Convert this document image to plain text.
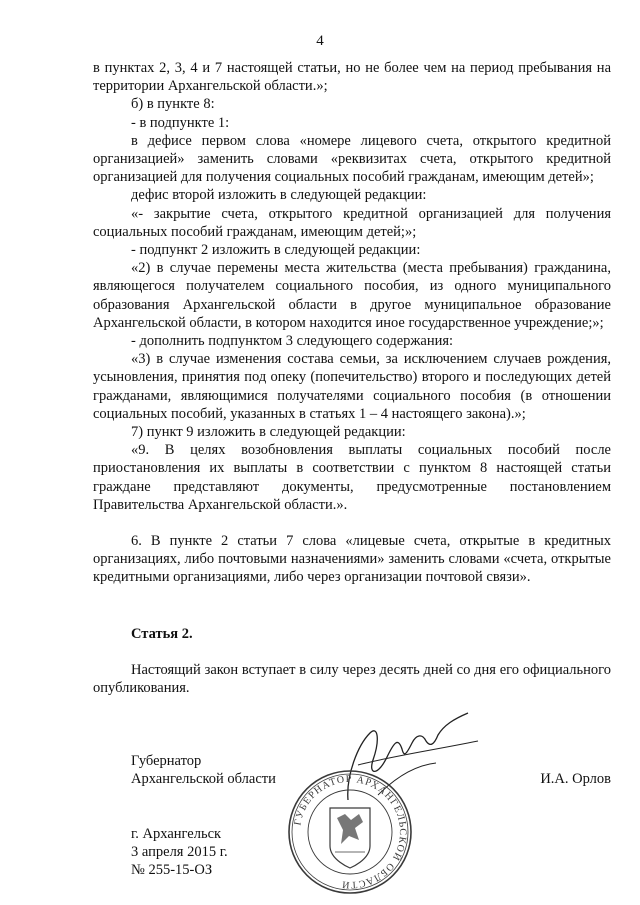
4

в пунктах 2, 3, 4 и 7 настоящей статьи, но не более чем на период пребывания на территории Архангельской области.»;

б) в пункте 8:

- в подпункте 1:

в дефисе первом слова «номере лицевого счета, открытого кредитной организацией» заменить словами «реквизитах счета, открытого кредитной организацией для получения социальных пособий гражданам, имеющим детей»;

дефис второй изложить в следующей редакции:

«- закрытие счета, открытого кредитной организацией для получения социальных пособий гражданам, имеющим детей;»;

- подпункт 2 изложить в следующей редакции:

«2) в случае перемены места жительства (места пребывания) гражданина, являющегося получателем социального пособия, из одного муниципального образования Архангельской области в другое муниципальное образование Архангельской области, в котором находится иное государственное учреждение;»;

- дополнить подпунктом 3 следующего содержания:

«3) в случае изменения состава семьи, за исключением случаев рождения, усыновления, принятия под опеку (попечительство) второго и последующих детей гражданами, являющимися получателями социального пособия (в отношении социальных пособий, указанных в статьях 1 – 4 настоящего закона).»;

7) пункт 9 изложить в следующей редакции:

«9. В целях возобновления выплаты социальных пособий после приостановления их выплаты в соответствии с пунктом 8 настоящей статьи граждане представляют документы, предусмотренные постановлением Правительства Архангельской области.».

6. В пункте 2 статьи 7 слова «лицевые счета, открытые в кредитных организациях, либо почтовыми назначениями» заменить словами «счета, открытые кредитными организациями, либо через организации почтовой связи».

Статья 2.

Настоящий закон вступает в силу через десять дней со дня его официального опубликования.

ГУБЕРНАТОР АРХАНГЕЛЬСКОЙ ОБЛАСТИ
Губернатор
Архангельской области	И.А. Орлов
г. Архангельск
3 апреля 2015 г.
№ 255-15-ОЗ
